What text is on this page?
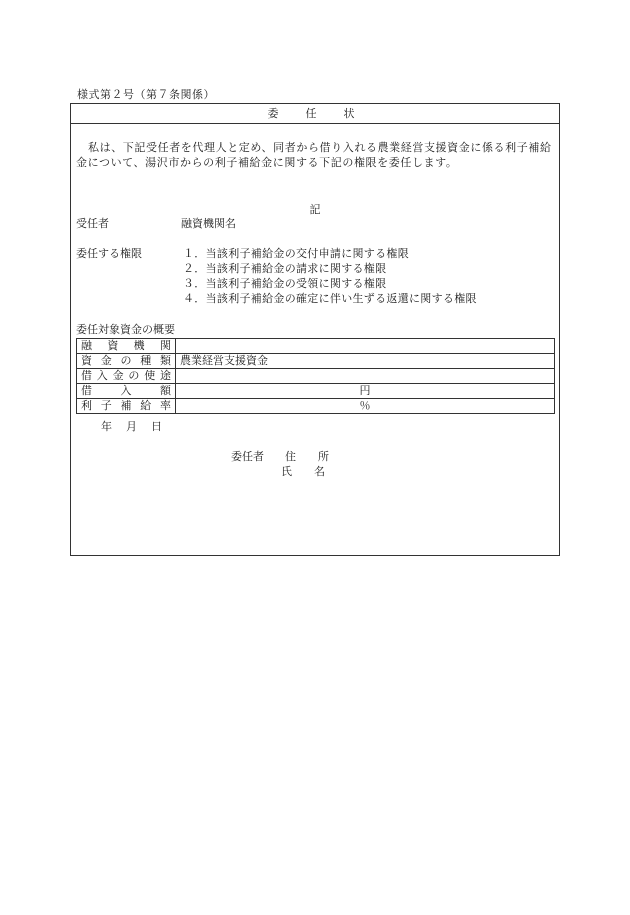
様式第２号（第７条関係）
委　任　状
私は、下記受任者を代理人と定め、同者から借り入れる農業経営支援資金に係る利子補給金について、湯沢市からの利子補給金に関する下記の権限を委任します。
記
受任者	融資機関名
委任する権限	１．当該利子補給金の交付申請に関する権限
２．当該利子補給金の請求に関する権限
３．当該利子補給金の受領に関する権限
４．当該利子補給金の確定に伴い生ずる返還に関する権限
委任対象資金の概要
融資機関	
資金の種類	農業経営支援資金
借入金の使途	
借入額	円
利子補給率	％
年月日
委任者 住所
氏名
